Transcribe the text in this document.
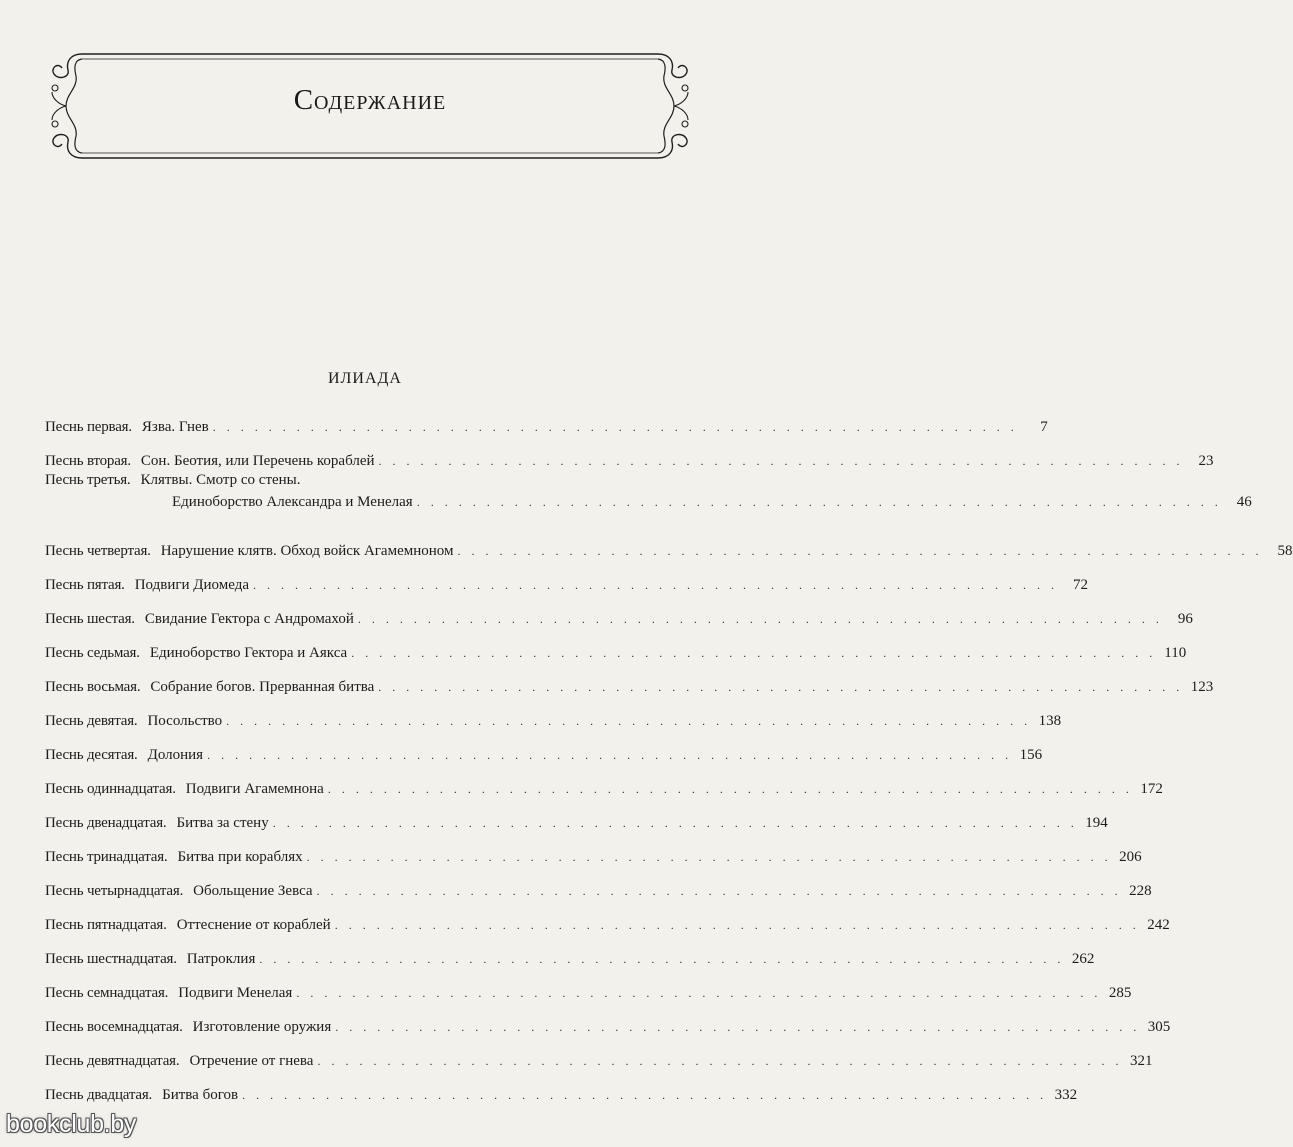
Содержание
ИЛИАДА
Песнь первая. Язва. Гнев . . . . . . . . . . . . . . . . . . . . . . . . . . . . . . . . . . . . . . . . . . . . . . . . . . . . . . . . . .	7
Песнь вторая. Сон. Беотия, или Перечень кораблей . . . . . . . . . . . . . . . . . . . . . . . . . . . . . . . . . . . . . . . . . . . . . . . . . . . . . . . . . .	23
Песнь третья. Клятвы. Смотр со стены.
Единоборство Александра и Менелая . . . . . . . . . . . . . . . . . . . . . . . . . . . . . . . . . . . . . . . . . . . . . . . . . . . . . . . . . .	46
Песнь четвертая. Нарушение клятв. Обход войск Агамемноном . . . . . . . . . . . . . . . . . . . . . . . . . . . . . . . . . . . . . . . . . . . . . . . . . . . . . . . . . .	58
Песнь пятая. Подвиги Диомеда . . . . . . . . . . . . . . . . . . . . . . . . . . . . . . . . . . . . . . . . . . . . . . . . . . . . . . . . . .	72
Песнь шестая. Свидание Гектора с Андромахой . . . . . . . . . . . . . . . . . . . . . . . . . . . . . . . . . . . . . . . . . . . . . . . . . . . . . . . . . .	96
Песнь седьмая. Единоборство Гектора и Аякса . . . . . . . . . . . . . . . . . . . . . . . . . . . . . . . . . . . . . . . . . . . . . . . . . . . . . . . . . . 110
Песнь восьмая. Собрание богов. Прерванная битва . . . . . . . . . . . . . . . . . . . . . . . . . . . . . . . . . . . . . . . . . . . . . . . . . . . . . . . . . . 123
Песнь девятая. Посольство . . . . . . . . . . . . . . . . . . . . . . . . . . . . . . . . . . . . . . . . . . . . . . . . . . . . . . . . . . 138
Песнь десятая. Долония . . . . . . . . . . . . . . . . . . . . . . . . . . . . . . . . . . . . . . . . . . . . . . . . . . . . . . . . . . 156
Песнь одиннадцатая. Подвиги Агамемнона . . . . . . . . . . . . . . . . . . . . . . . . . . . . . . . . . . . . . . . . . . . . . . . . . . . . . . . . . . 172
Песнь двенадцатая. Битва за стену . . . . . . . . . . . . . . . . . . . . . . . . . . . . . . . . . . . . . . . . . . . . . . . . . . . . . . . . . . 194
Песнь тринадцатая. Битва при кораблях . . . . . . . . . . . . . . . . . . . . . . . . . . . . . . . . . . . . . . . . . . . . . . . . . . . . . . . . . . 206
Песнь четырнадцатая. Обольщение Зевса . . . . . . . . . . . . . . . . . . . . . . . . . . . . . . . . . . . . . . . . . . . . . . . . . . . . . . . . . . 228
Песнь пятнадцатая. Оттеснение от кораблей . . . . . . . . . . . . . . . . . . . . . . . . . . . . . . . . . . . . . . . . . . . . . . . . . . . . . . . . . . 242
Песнь шестнадцатая. Патроклия . . . . . . . . . . . . . . . . . . . . . . . . . . . . . . . . . . . . . . . . . . . . . . . . . . . . . . . . . . 262
Песнь семнадцатая. Подвиги Менелая . . . . . . . . . . . . . . . . . . . . . . . . . . . . . . . . . . . . . . . . . . . . . . . . . . . . . . . . . . 285
Песнь восемнадцатая. Изготовление оружия . . . . . . . . . . . . . . . . . . . . . . . . . . . . . . . . . . . . . . . . . . . . . . . . . . . . . . . . . . 305
Песнь девятнадцатая. Отречение от гнева . . . . . . . . . . . . . . . . . . . . . . . . . . . . . . . . . . . . . . . . . . . . . . . . . . . . . . . . . . 321
Песнь двадцатая. Битва богов . . . . . . . . . . . . . . . . . . . . . . . . . . . . . . . . . . . . . . . . . . . . . . . . . . . . . . . . . . 332
bookclub.by
